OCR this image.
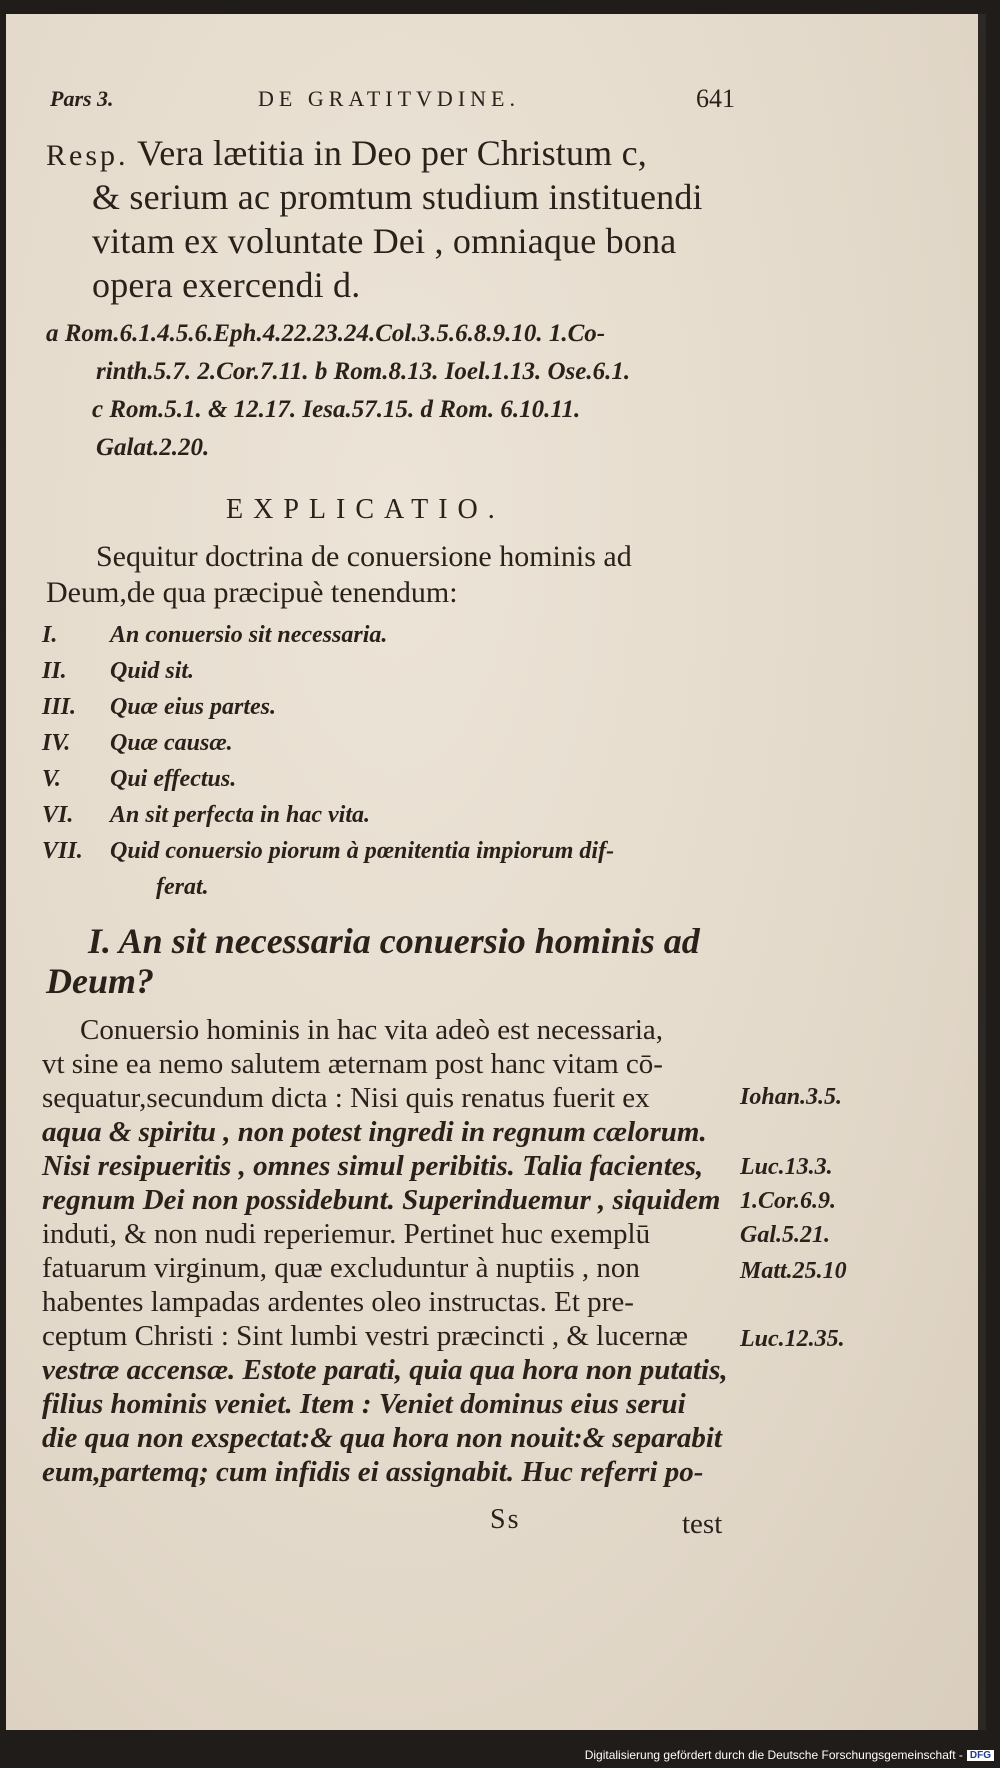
Pars 3.	DE GRATITVDINE.	641
Resp. Vera lætitia in Deo per Christum c,
& serium ac promtum studium instituendi
vitam ex voluntate Dei , omniaque bona
opera exercendi d.
a Rom.6.1.4.5.6.Eph.4.22.23.24.Col.3.5.6.8.9.10. 1.Co-
rinth.5.7. 2.Cor.7.11. b Rom.8.13. Ioel.1.13. Ose.6.1.
c Rom.5.1. & 12.17. Iesa.57.15. d Rom. 6.10.11.
Galat.2.20.
EXPLICATIO.
Sequitur doctrina de conuersione hominis ad
Deum,de qua præcipuè tenendum:
I. An conuersio sit necessaria.
II. Quid sit.
III. Quæ eius partes.
IV. Quæ causæ.
V. Qui effectus.
VI. An sit perfecta in hac vita.
VII. Quid conuersio piorum à pœnitentia impiorum dif-
ferat.
I. An sit necessaria conuersio hominis ad
Deum?
Conuersio hominis in hac vita adeò est necessaria,
vt sine ea nemo salutem æternam post hanc vitam cō-
sequatur,secundum dicta : Nisi quis renatus fuerit ex
aqua & spiritu , non potest ingredi in regnum cælorum.
Nisi resipueritis , omnes simul peribitis. Talia facientes,
regnum Dei non possidebunt. Superinduemur , siquidem
induti, & non nudi reperiemur. Pertinet huc exemplū
fatuarum virginum, quæ excluduntur à nuptiis , non
habentes lampadas ardentes oleo instructas. Et pre-
ceptum Christi : Sint lumbi vestri præcincti , & lucernæ
vestræ accensæ. Estote parati, quia qua hora non putatis,
filius hominis veniet. Item : Veniet dominus eius serui
die qua non exspectat:& qua hora non nouit:& separabit
eum,partemq; cum infidis ei assignabit. Huc referri po-
Iohan.3.5.
Luc.13.3.
1.Cor.6.9.
Gal.5.21.
Matt.25.10
Luc.12.35.
Ss	test
Digitalisierung gefördert durch die Deutsche Forschungsgemeinschaft - DFG
